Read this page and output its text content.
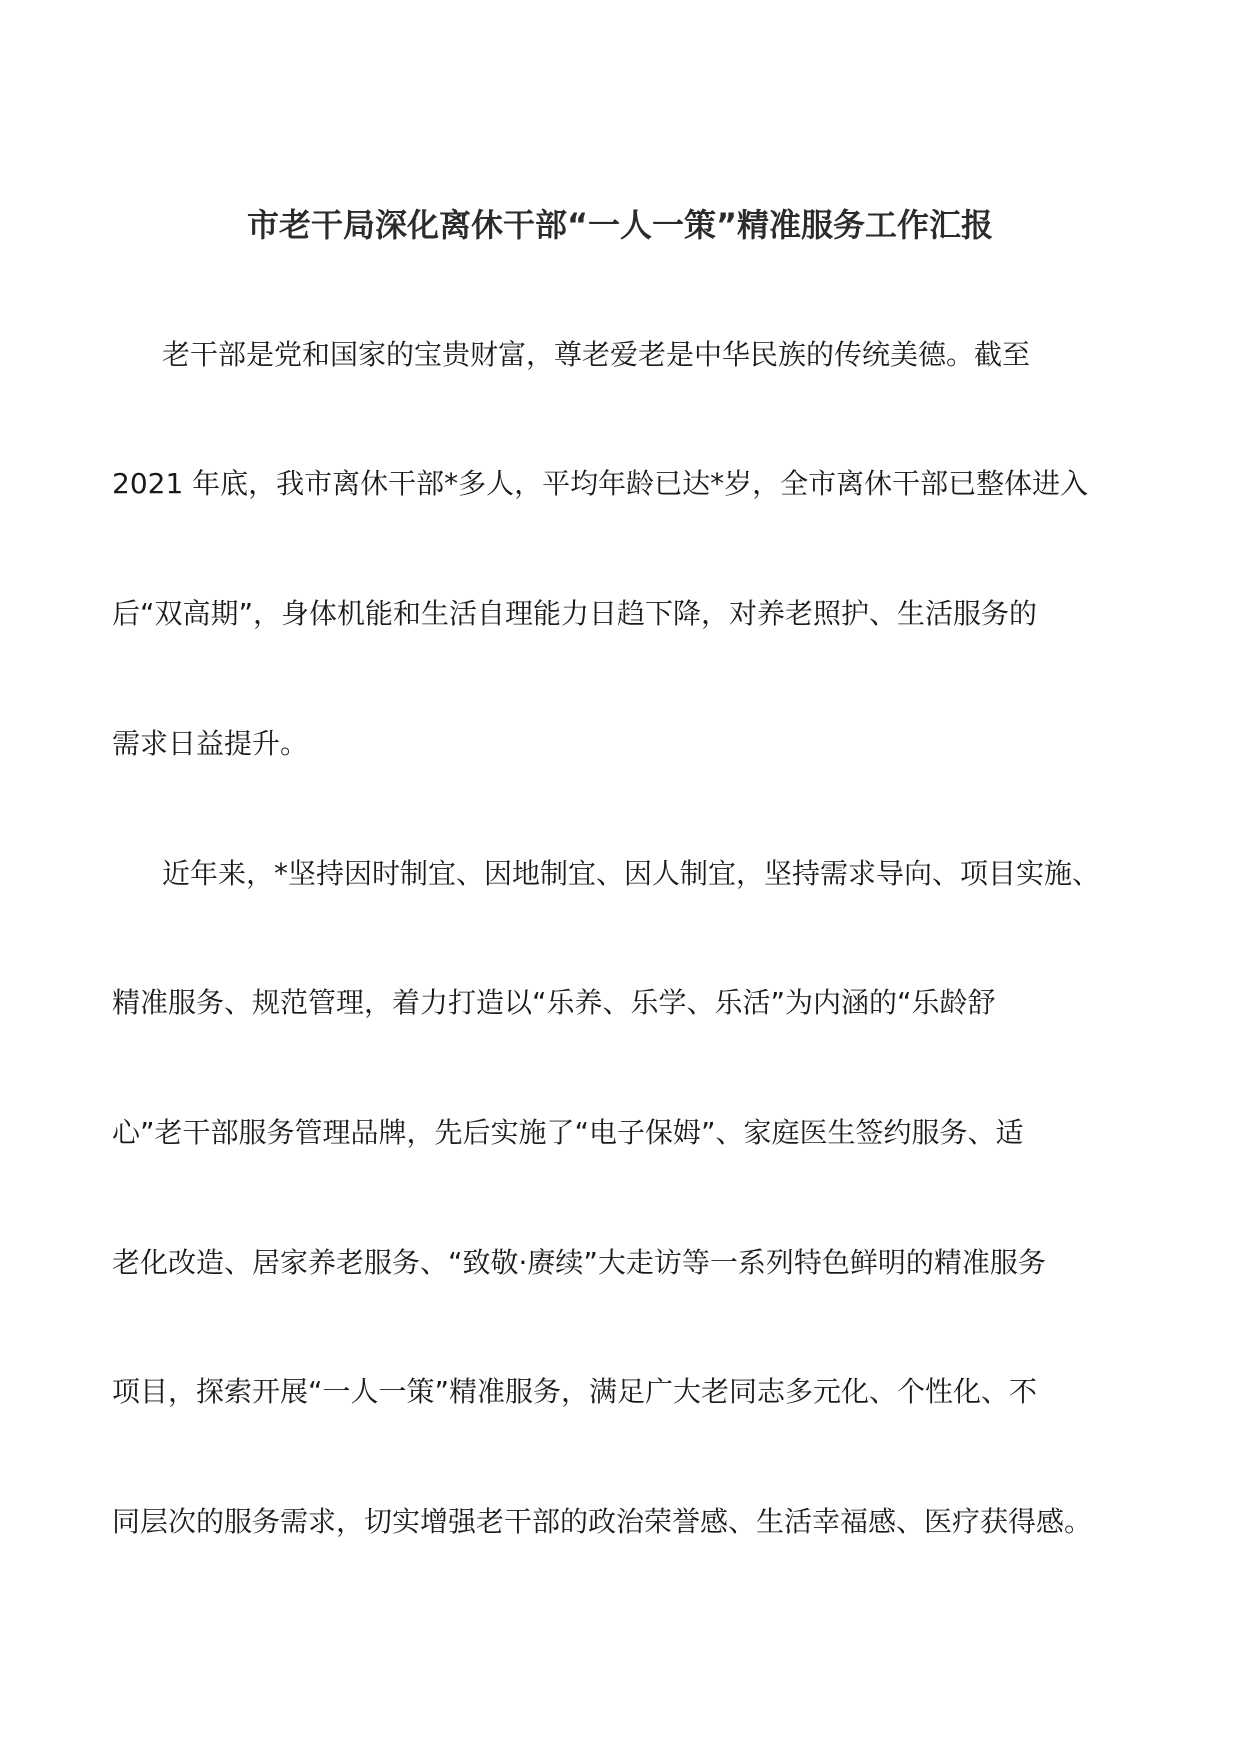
市老干局深化离休干部“一人一策”精准服务工作汇报
老干部是党和国家的宝贵财富，尊老爱老是中华民族的传统美德。截至
2021 年底，我市离休干部*多人，平均年龄已达*岁，全市离休干部已整体进入
后“双高期”，身体机能和生活自理能力日趋下降，对养老照护、生活服务的
需求日益提升。
近年来，*坚持因时制宜、因地制宜、因人制宜，坚持需求导向、项目实施、
精准服务、规范管理，着力打造以“乐养、乐学、乐活”为内涵的“乐龄舒
心”老干部服务管理品牌，先后实施了“电子保姆”、家庭医生签约服务、适
老化改造、居家养老服务、“致敬·赓续”大走访等一系列特色鲜明的精准服务
项目，探索开展“一人一策”精准服务，满足广大老同志多元化、个性化、不
同层次的服务需求，切实增强老干部的政治荣誉感、生活幸福感、医疗获得感。
